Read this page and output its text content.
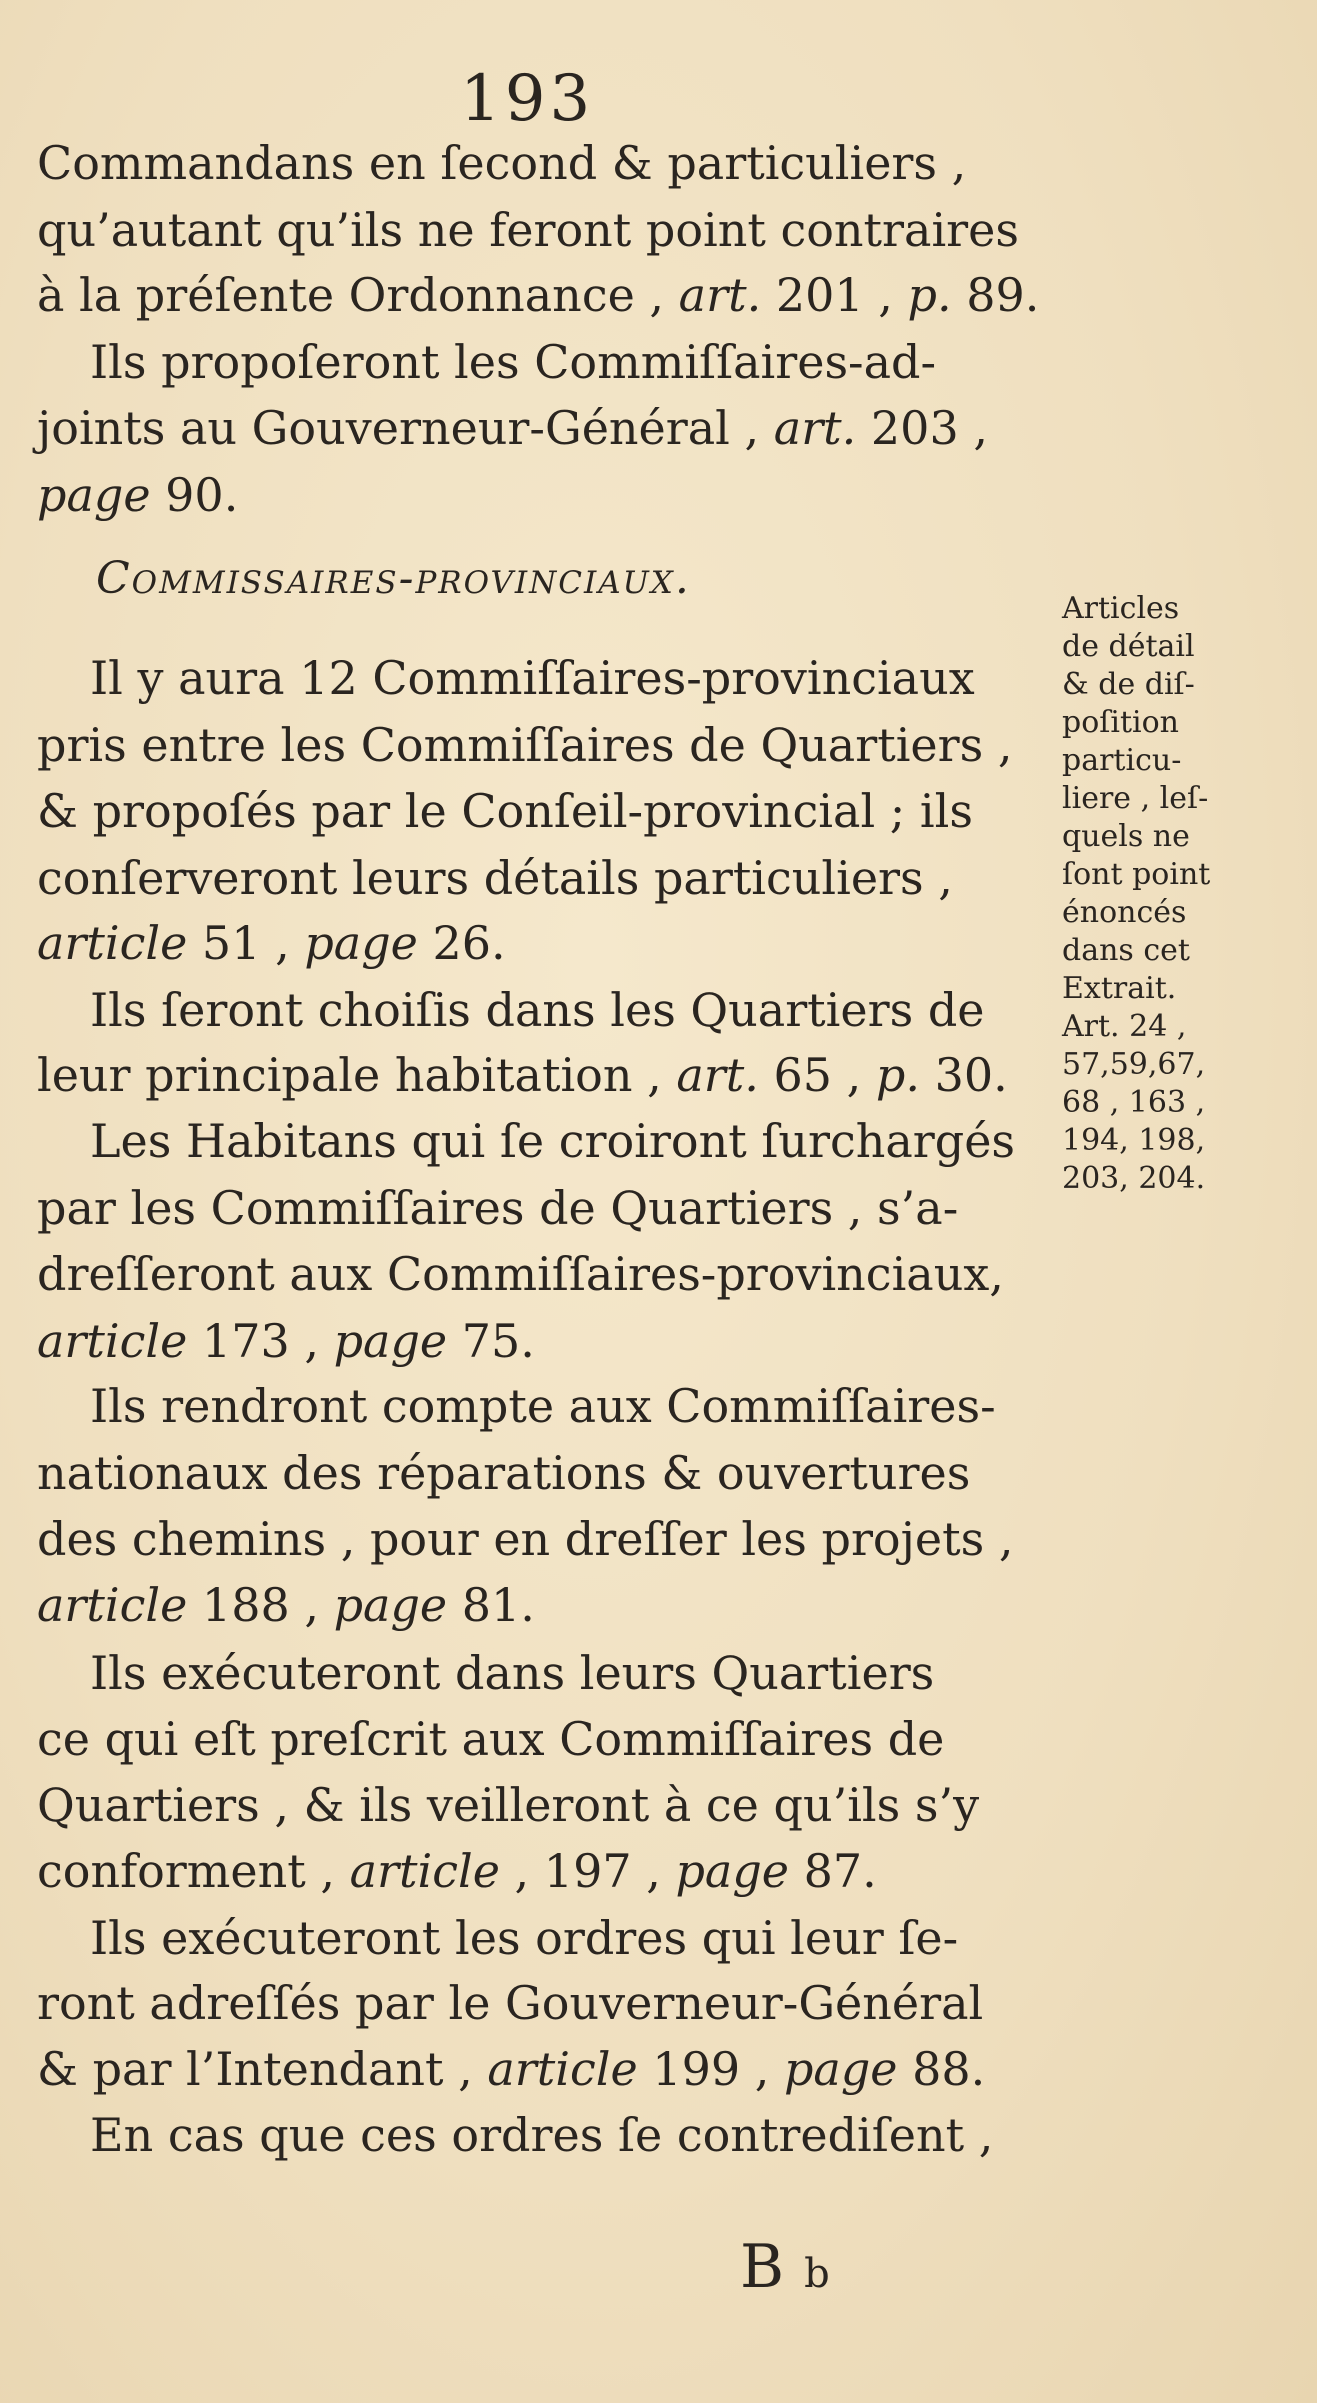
193
Commandans en ſecond & particuliers ,
qu’autant qu’ils ne feront point contraires
à la préſente Ordonnance , art. 201 , p. 89.
Ils propoſeront les Commiſſaires-ad-
joints au Gouverneur-Général , art. 203 ,
page 90.
Commissaires-provinciaux.
Il y aura 12 Commiſſaires-provinciaux
pris entre les Commiſſaires de Quartiers ,
& propoſés par le Conſeil-provincial ; ils
conſerveront leurs détails particuliers ,
article 51 , page 26.
Ils ſeront choiſis dans les Quartiers de
leur principale habitation , art. 65 , p. 30.
Les Habitans qui ſe croiront ſurchargés
par les Commiſſaires de Quartiers , s’a-
dreſſeront aux Commiſſaires-provinciaux,
article 173 , page 75.
Ils rendront compte aux Commiſſaires-
nationaux des réparations & ouvertures
des chemins , pour en dreſſer les projets ,
article 188 , page 81.
Ils exécuteront dans leurs Quartiers
ce qui eſt preſcrit aux Commiſſaires de
Quartiers , & ils veilleront à ce qu’ils s’y
conforment , article , 197 , page 87.
Ils exécuteront les ordres qui leur ſe-
ront adreſſés par le Gouverneur-Général
& par l’Intendant , article 199 , page 88.
En cas que ces ordres ſe contrediſent ,
Articles
de détail
& de diſ-
poſition
particu-
liere , leſ-
quels ne
ſont point
énoncés
dans cet
Extrait.
Art. 24 ,
57,59,67,
68 , 163 ,
194, 198,
203, 204.
Bb
